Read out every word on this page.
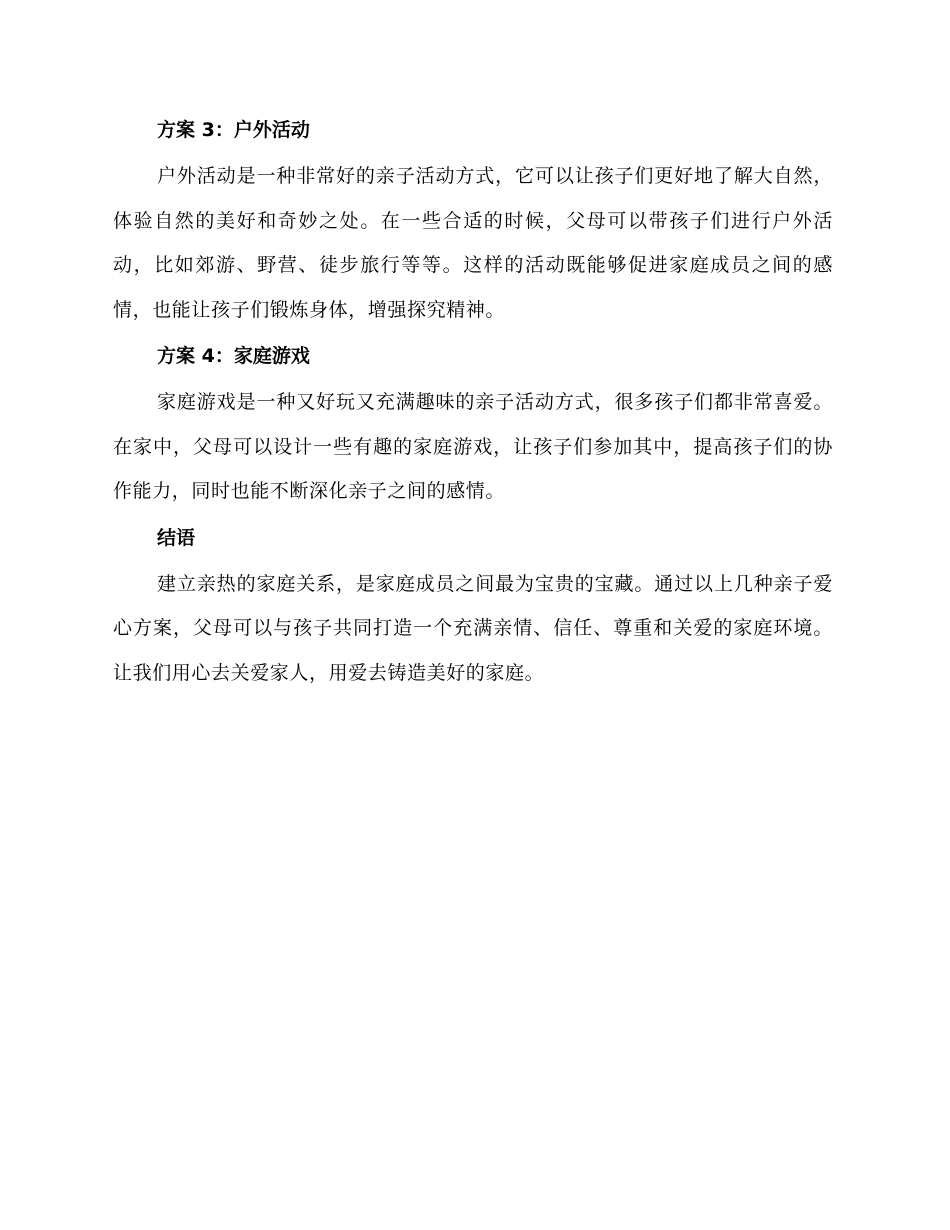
方案 3：户外活动

户外活动是一种非常好的亲子活动方式，它可以让孩子们更好地了解大自然，体验自然的美好和奇妙之处。在一些合适的时候，父母可以带孩子们进行户外活动，比如郊游、野营、徒步旅行等等。这样的活动既能够促进家庭成员之间的感情，也能让孩子们锻炼身体，增强探究精神。

方案 4：家庭游戏

家庭游戏是一种又好玩又充满趣味的亲子活动方式，很多孩子们都非常喜爱。在家中，父母可以设计一些有趣的家庭游戏，让孩子们参加其中，提高孩子们的协作能力，同时也能不断深化亲子之间的感情。

结语

建立亲热的家庭关系，是家庭成员之间最为宝贵的宝藏。通过以上几种亲子爱心方案，父母可以与孩子共同打造一个充满亲情、信任、尊重和关爱的家庭环境。让我们用心去关爱家人，用爱去铸造美好的家庭。
